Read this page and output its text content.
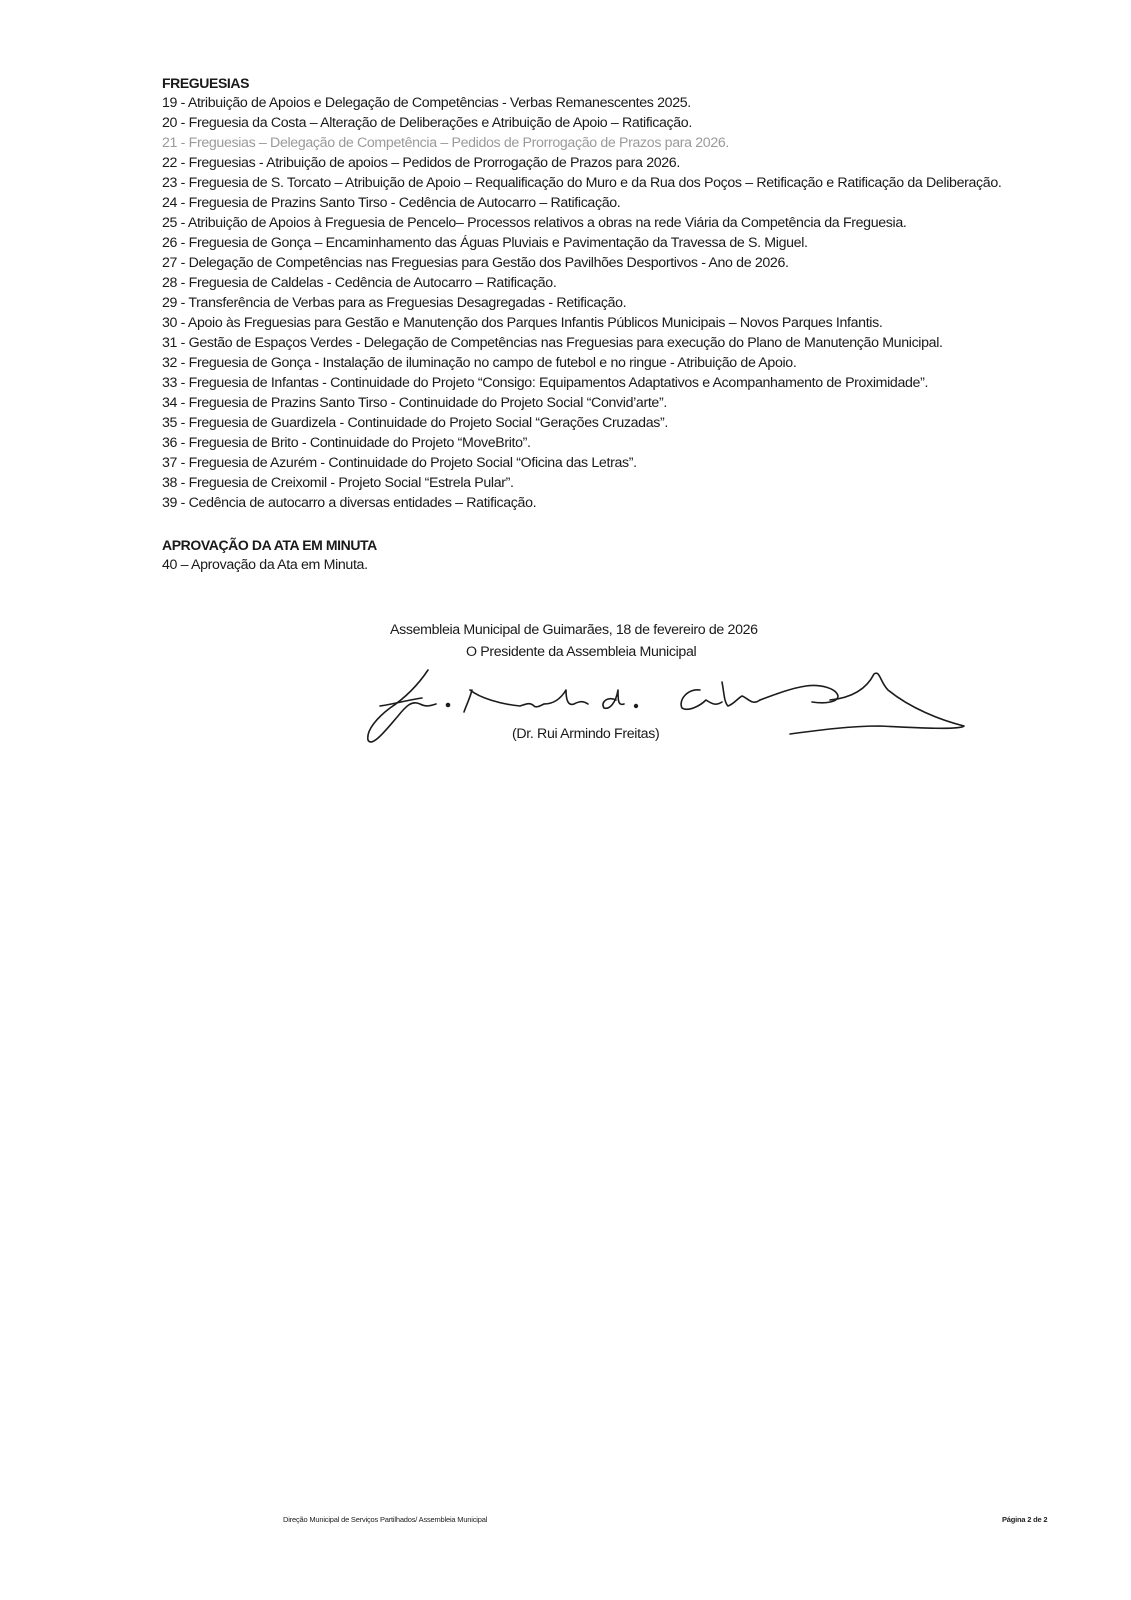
FREGUESIAS
19 - Atribuição de Apoios e Delegação de Competências - Verbas Remanescentes 2025.
20 - Freguesia da Costa – Alteração de Deliberações e Atribuição de Apoio – Ratificação.
21 - Freguesias – Delegação de Competência – Pedidos de Prorrogação de Prazos para 2026.
22 - Freguesias - Atribuição de apoios – Pedidos de Prorrogação de Prazos para 2026.
23 - Freguesia de S. Torcato – Atribuição de Apoio – Requalificação do Muro e da Rua dos Poços – Retificação e Ratificação da Deliberação.
24 - Freguesia de Prazins Santo Tirso - Cedência de Autocarro – Ratificação.
25 - Atribuição de Apoios à Freguesia de Pencelo– Processos relativos a obras na rede Viária da Competência da Freguesia.
26 - Freguesia de Gonça – Encaminhamento das Águas Pluviais e Pavimentação da Travessa de S. Miguel.
27 - Delegação de Competências nas Freguesias para Gestão dos Pavilhões Desportivos - Ano de 2026.
28 - Freguesia de Caldelas - Cedência de Autocarro – Ratificação.
29 - Transferência de Verbas para as Freguesias Desagregadas - Retificação.
30 - Apoio às Freguesias para Gestão e Manutenção dos Parques Infantis Públicos Municipais – Novos Parques Infantis.
31 - Gestão de Espaços Verdes - Delegação de Competências nas Freguesias para execução do Plano de Manutenção Municipal.
32 - Freguesia de Gonça - Instalação de iluminação no campo de futebol e no ringue - Atribuição de Apoio.
33 - Freguesia de Infantas - Continuidade do Projeto “Consigo: Equipamentos Adaptativos e Acompanhamento de Proximidade”.
34 - Freguesia de Prazins Santo Tirso - Continuidade do Projeto Social “Convid’arte”.
35 - Freguesia de Guardizela - Continuidade do Projeto Social “Gerações Cruzadas”.
36 - Freguesia de Brito - Continuidade do Projeto “MoveBrito”.
37 - Freguesia de Azurém - Continuidade do Projeto Social “Oficina das Letras”.
38 - Freguesia de Creixomil - Projeto Social “Estrela Pular”.
39 - Cedência de autocarro a diversas entidades – Ratificação.
APROVAÇÃO DA ATA EM MINUTA
40 – Aprovação da Ata em Minuta.
Assembleia Municipal de Guimarães, 18 de fevereiro de 2026
O Presidente da Assembleia Municipal
(Dr. Rui Armindo Freitas)
Direção Municipal de Serviços Partilhados/ Assembleia Municipal	Página 2 de 2
